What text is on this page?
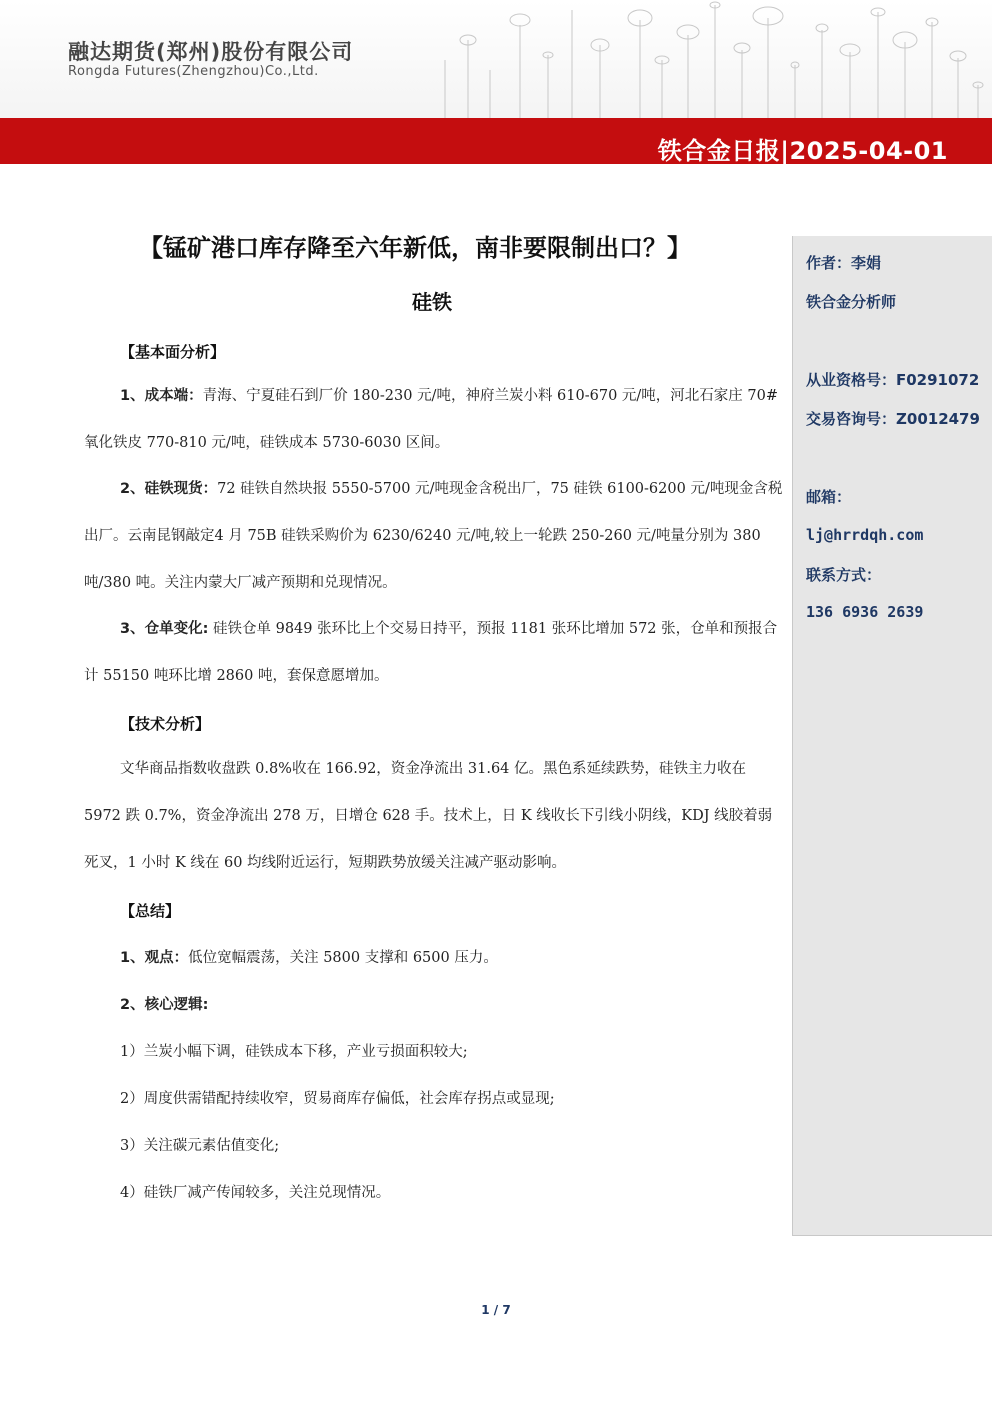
融达期货(郑州)股份有限公司
Rongda Futures(Zhengzhou)Co.,Ltd.
铁合金日报|2025-04-01
作者：李娟
铁合金分析师
从业资格号：F0291072
交易咨询号：Z0012479
邮箱：
lj@hrrdqh.com
联系方式：
136 6936 2639
【锰矿港口库存降至六年新低，南非要限制出口？】
硅铁
【基本面分析】
1、成本端：青海、宁夏硅石到厂价 180-230 元/吨，神府兰炭小料 610-670 元/吨，河北石家庄 70#氧化铁皮 770-810 元/吨，硅铁成本 5730-6030 区间。
2、硅铁现货：72 硅铁自然块报 5550-5700 元/吨现金含税出厂，75 硅铁 6100-6200 元/吨现金含税出厂。云南昆钢敲定4 月 75B 硅铁采购价为 6230/6240 元/吨,较上一轮跌 250-260 元/吨量分别为 380 吨/380 吨。关注内蒙大厂减产预期和兑现情况。
3、仓单变化: 硅铁仓单 9849 张环比上个交易日持平，预报 1181 张环比增加 572 张，仓单和预报合计 55150 吨环比增 2860 吨，套保意愿增加。
【技术分析】
文华商品指数收盘跌 0.8%收在 166.92，资金净流出 31.64 亿。黑色系延续跌势，硅铁主力收在 5972 跌 0.7%，资金净流出 278 万，日增仓 628 手。技术上，日 K 线收长下引线小阴线，KDJ 线胶着弱死叉，1 小时 K 线在 60 均线附近运行，短期跌势放缓关注减产驱动影响。
【总结】
1、观点：低位宽幅震荡，关注 5800 支撑和 6500 压力。
2、核心逻辑:
1）兰炭小幅下调，硅铁成本下移，产业亏损面积较大;
2）周度供需错配持续收窄，贸易商库存偏低，社会库存拐点或显现;
3）关注碳元素估值变化;
4）硅铁厂减产传闻较多，关注兑现情况。
1 / 7
